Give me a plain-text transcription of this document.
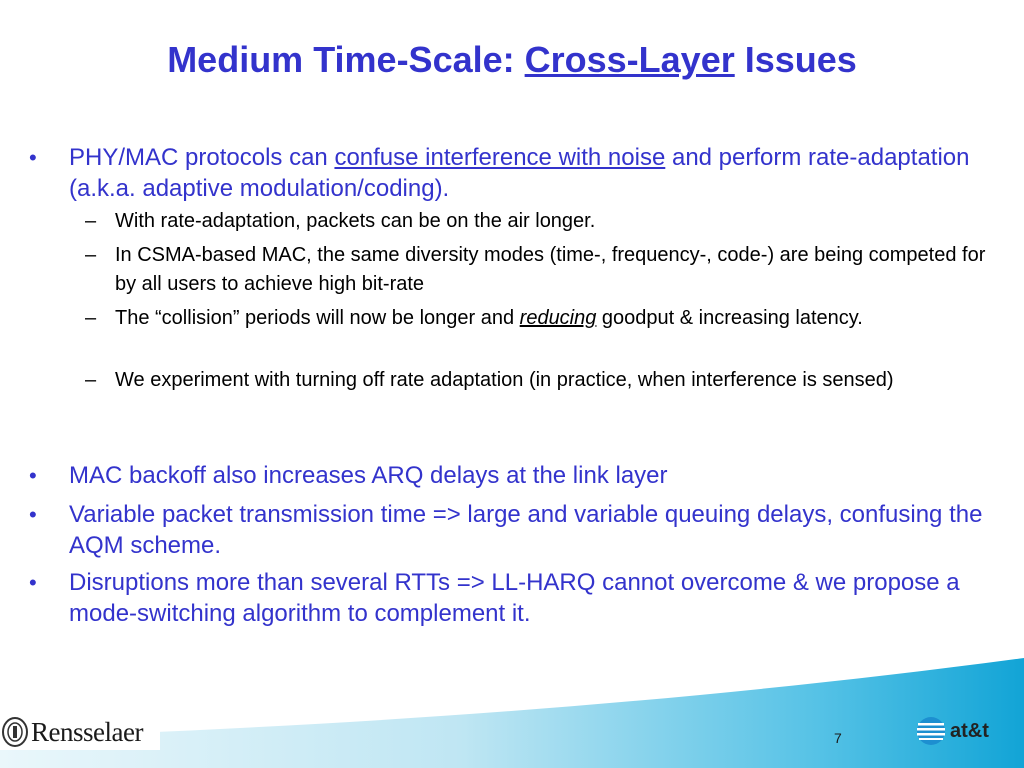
Medium Time-Scale: Cross-Layer Issues
• PHY/MAC protocols can confuse interference with noise and perform rate-adaptation (a.k.a. adaptive modulation/coding).
– With rate-adaptation, packets can be on the air longer.
– In CSMA-based MAC, the same diversity modes (time-, frequency-, code-) are being competed for by all users to achieve high bit-rate
– The “collision” periods will now be longer and reducing goodput & increasing latency.
– We experiment with turning off rate adaptation (in practice, when interference is sensed)
• MAC backoff also increases ARQ delays at the link layer
• Variable packet transmission time => large and variable queuing delays, confusing the AQM scheme.
• Disruptions more than several RTTs => LL-HARQ cannot overcome & we propose a mode-switching algorithm to complement it.
Rensselaer	7	at&t
